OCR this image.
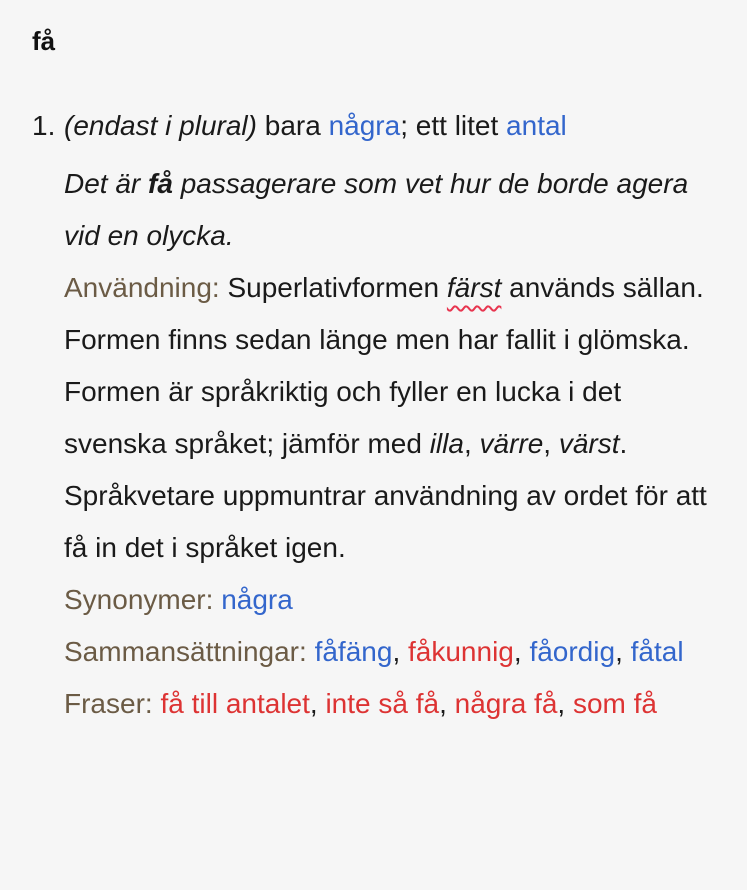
få
1. (endast i plural) bara några; ett litet antal

Det är få passagerare som vet hur de borde agera vid en olycka.

Användning: Superlativformen färst används sällan. Formen finns sedan länge men har fallit i glömska. Formen är språkriktig och fyller en lucka i det svenska språket; jämför med illa, värre, värst. Språkvetare uppmuntrar användning av ordet för att få in det i språket igen.

Synonymer: några

Sammansättningar: fåfäng, fåkunnig, fåordig, fåtal

Fraser: få till antalet, inte så få, några få, som få
